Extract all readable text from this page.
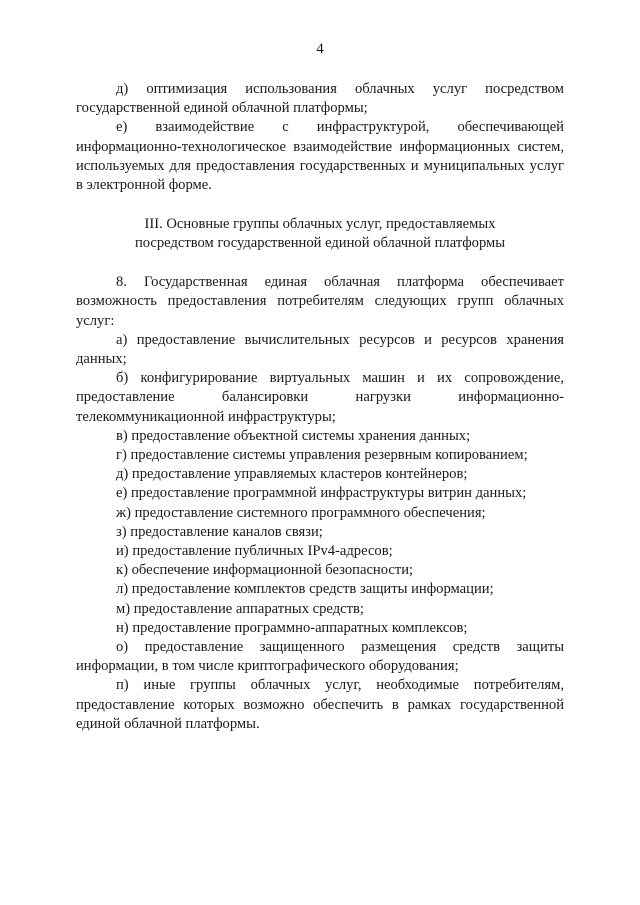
4

д) оптимизация использования облачных услуг посредством государственной единой облачной платформы;

е) взаимодействие с инфраструктурой, обеспечивающей информационно-технологическое взаимодействие информационных систем, используемых для предоставления государственных и муниципальных услуг в электронной форме.

III. Основные группы облачных услуг, предоставляемых
посредством государственной единой облачной платформы

8. Государственная единая облачная платформа обеспечивает возможность предоставления потребителям следующих групп облачных услуг:

а) предоставление вычислительных ресурсов и ресурсов хранения данных;

б) конфигурирование виртуальных машин и их сопровождение, предоставление балансировки нагрузки информационно-телекоммуникационной инфраструктуры;

в) предоставление объектной системы хранения данных;

г) предоставление системы управления резервным копированием;

д) предоставление управляемых кластеров контейнеров;

е) предоставление программной инфраструктуры витрин данных;

ж) предоставление системного программного обеспечения;

з) предоставление каналов связи;

и) предоставление публичных IPv4-адресов;

к) обеспечение информационной безопасности;

л) предоставление комплектов средств защиты информации;

м) предоставление аппаратных средств;

н) предоставление программно-аппаратных комплексов;

о) предоставление защищенного размещения средств защиты информации, в том числе криптографического оборудования;

п) иные группы облачных услуг, необходимые потребителям, предоставление которых возможно обеспечить в рамках государственной единой облачной платформы.
